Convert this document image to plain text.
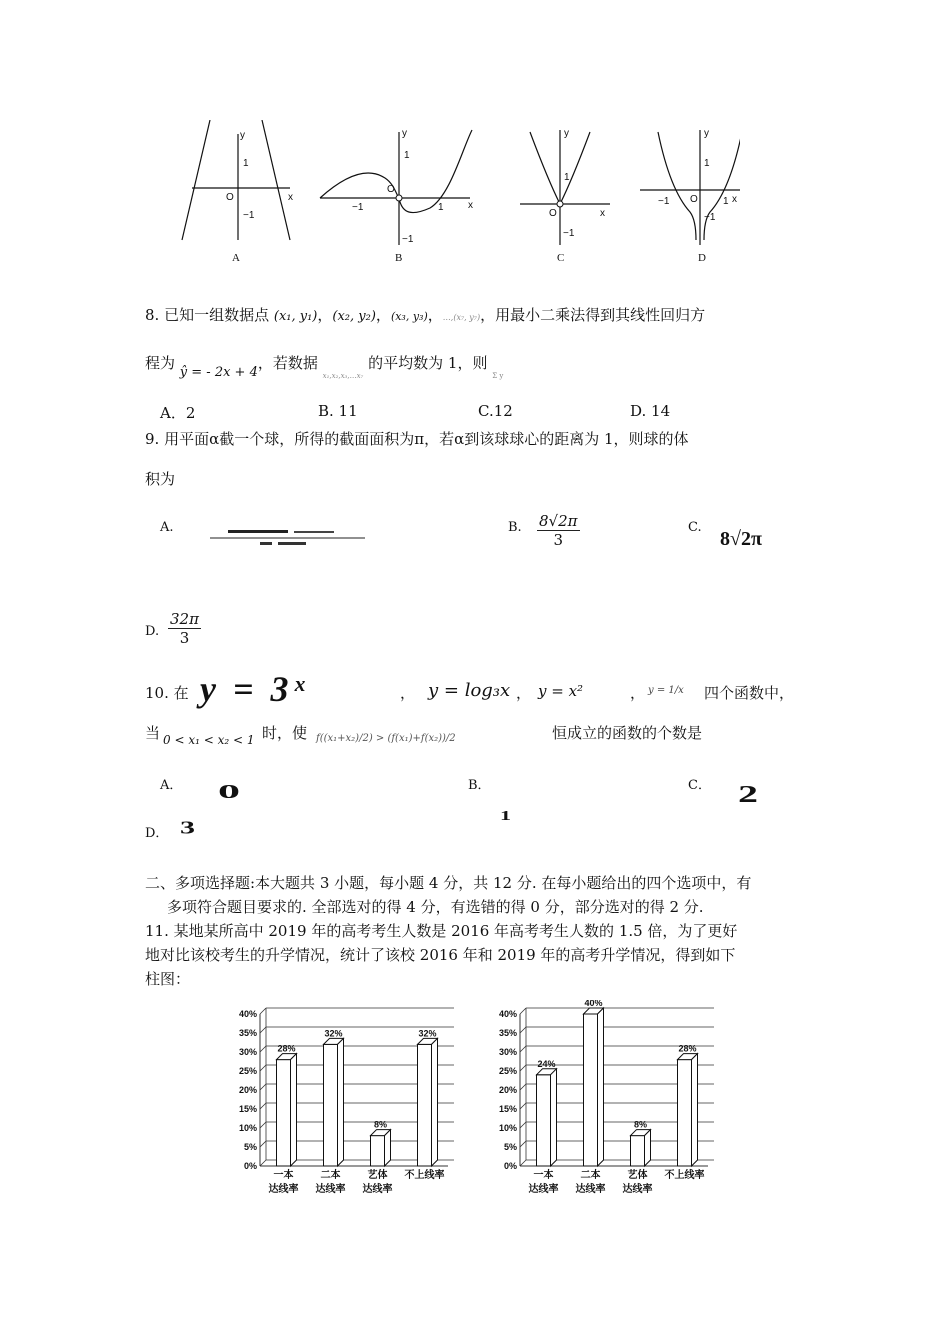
y
x
O
1
−1
y
x
O
1
−1
−1	1
y
x
O
1
−1
y
x
O
1
−1
−1	1
A	B	C	D
8. 已知一组数据点 (x₁, y₁)，(x₂, y₂)，(x₃, y₃)，…,(x₇, y₇)，用最小二乘法得到其线性回归方
程为 ŷ = - 2x + 4，若数据 $_{x_1,x_2,x_3,\dots x_7}$ 的平均数为 1，则 $_{\Sigma y}$
A．2	B. 11	C.12	D. 14
9. 用平面α截一个球，所得的截面面积为π，若α到该球球心的距离为 1，则球的体
积为
A.	B. $\frac{8√2\pi}{3}$	C.
8√2π
D. $\frac{32\pi}{3}$
10. 在 y = 3ˣ	， y = log₃x ， y = x²	， y = 1/x 四个函数中，
当 0 < x₁ < x₂ < 1 时，使 f((x₁+x₂)/2) > (f(x₁)+f(x₂))/2	恒成立的函数的个数是
A． 0	B．
1
C． 2
D． 3
二、多项选择题:本大题共 3 小题，每小题 4 分，共 12 分. 在每小题给出的四个选项中，有
多项符合题目要求的. 全部选对的得 4 分，有选错的得 0 分，部分选对的得 2 分.
11. 某地某所高中 2019 年的高考考生人数是 2016 年高考考生人数的 1.5 倍，为了更好
地对比该校考生的升学情况，统计了该校 2016 年和 2019 年的高考升学情况，得到如下
柱图：
0%
5%
10%
15%
20%
25%
30%
35%
40%
28%
一本
达线率
32%
二本
达线率
8%
艺体
达线率
32%
不上线率
0%
5%
10%
15%
20%
25%
30%
35%
40%
24%
一本
达线率
40%
二本
达线率
8%
艺体
达线率
28%
不上线率
